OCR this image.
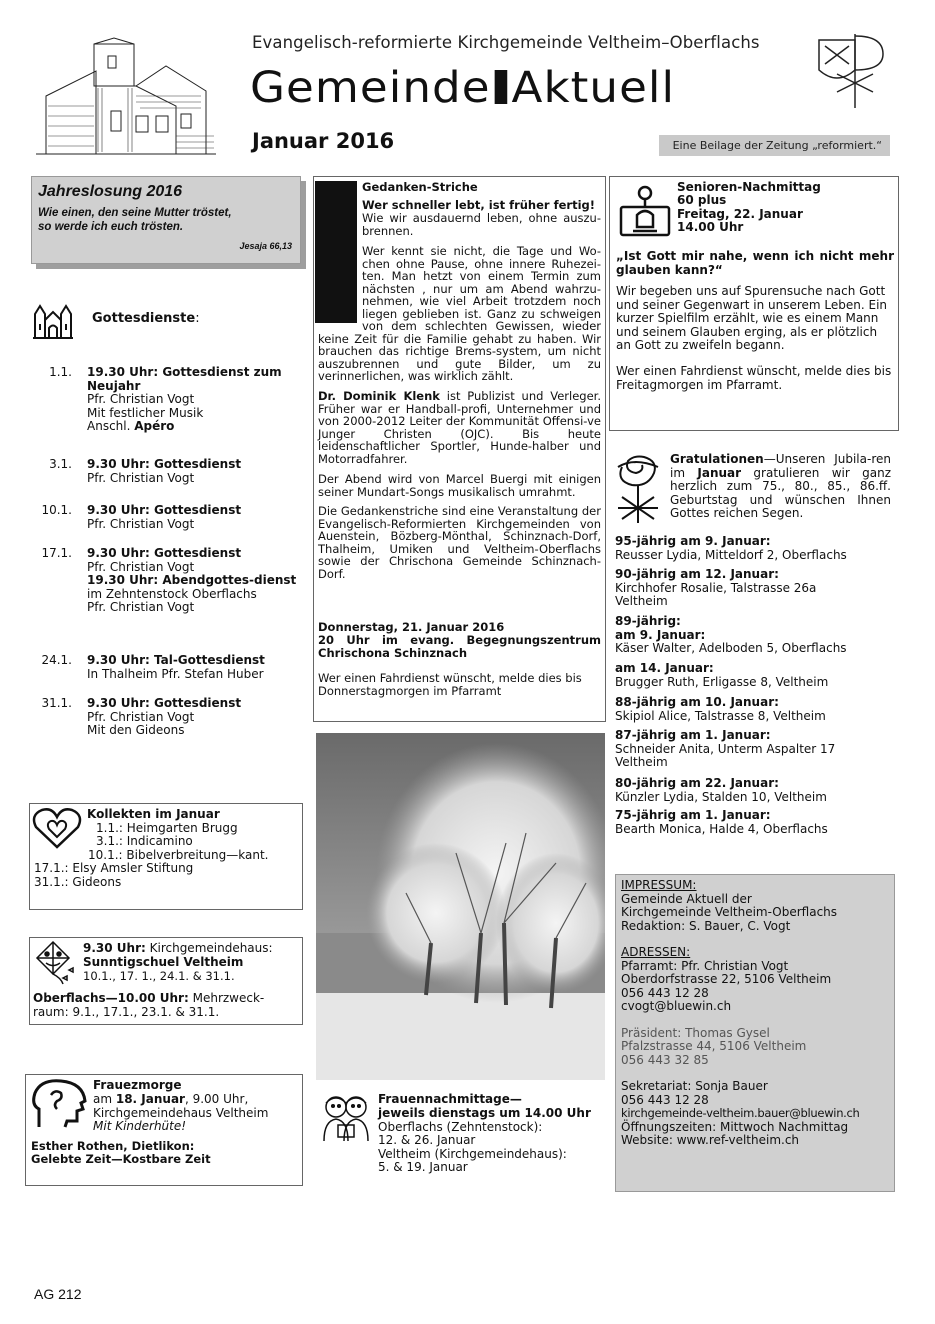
Evangelisch-reformierte Kirchgemeinde Veltheim–Oberflachs
Gemeinde Aktuell
Januar 2016	Eine Beilage der Zeitung „reformiert.“
Jahreslosung 2016
Wie einen, den seine Mutter tröstet,
so werde ich euch trösten.
Jesaja 66,13
Gottesdienste:
1.1. 19.30 Uhr: Gottesdienst zum Neujahr
Pfr. Christian Vogt
Mit festlicher Musik
Anschl. Apéro
3.1. 9.30 Uhr: Gottesdienst
Pfr. Christian Vogt
10.1. 9.30 Uhr: Gottesdienst
Pfr. Christian Vogt
17.1. 9.30 Uhr: Gottesdienst
Pfr. Christian Vogt
19.30 Uhr: Abendgottes-dienst
im Zehntenstock Oberflachs
Pfr. Christian Vogt
24.1. 9.30 Uhr: Tal-Gottesdienst
In Thalheim Pfr. Stefan Huber
31.1. 9.30 Uhr: Gottesdienst
Pfr. Christian Vogt
Mit den Gideons
Kollekten im Januar
1.1.: Heimgarten Brugg
3.1.: Indicamino
10.1.: Bibelverbreitung—kant.
17.1.: Elsy Amsler Stiftung
31.1.: Gideons
9.30 Uhr: Kirchgemeindehaus:
Sunntigschuel Veltheim
10.1., 17. 1., 24.1. & 31.1.
Oberflachs—10.00 Uhr: Mehrzweck-raum: 9.1., 17.1., 23.1. & 31.1.
Frauezmorge
am 18. Januar, 9.00 Uhr,
Kirchgemeindehaus Veltheim
Mit Kinderhüte!
Esther Rothen, Dietlikon:
Gelebte Zeit—Kostbare Zeit
Gedanken-Striche
Wer schneller lebt, ist früher fertig!
Wie wir ausdauernd leben, ohne auszu-brennen.
Wer kennt sie nicht, die Tage und Wo-chen ohne Pause, ohne innere Ruhezei-ten. Man hetzt von einem Termin zum nächsten , nur um am Abend wahrzu-nehmen, wie viel Arbeit trotzdem noch liegen geblieben ist. Ganz zu schweigen von dem schlechten Gewissen, wieder keine Zeit für die Familie gehabt zu haben. Wir brauchen das richtige Brems-system, um nicht auszubrennen und gute Bilder, um zu verinnerlichen, was wirklich zählt.
Dr. Dominik Klenk ist Publizist und Verleger. Früher war er Handball-profi, Unternehmer und von 2000-2012 Leiter der Kommunität Offensi-ve Junger Christen (OJC). Bis heute leidenschaftlicher Sportler, Hunde-halber und Motorradfahrer.
Der Abend wird von Marcel Buergi mit einigen seiner Mundart-Songs musikalisch umrahmt.
Die Gedankenstriche sind eine Veranstaltung der Evangelisch-Reformierten Kirchgemeinden von Auenstein, Bözberg-Mönthal, Schinznach-Dorf, Thalheim, Umiken und Veltheim-Oberflachs sowie der Chrischona Gemeinde Schinznach-Dorf.
Donnerstag, 21. Januar 2016
20 Uhr im evang. Begegnungszentrum Chrischona Schinznach
Wer einen Fahrdienst wünscht, melde dies bis Donnerstagmorgen im Pfarramt
Frauennachmittage—
jeweils dienstags um 14.00 Uhr
Oberflachs (Zehntenstock):
12. & 26. Januar
Veltheim (Kirchgemeindehaus):
5. & 19. Januar
Senioren-Nachmittag
60 plus
Freitag, 22. Januar
14.00 Uhr
„Ist Gott mir nahe, wenn ich nicht mehr glauben kann?“
Wir begeben uns auf Spurensuche nach Gott und seiner Gegenwart in unserem Leben. Ein kurzer Spielfilm erzählt, wie es einem Mann und seinem Glauben erging, als er plötzlich an Gott zu zweifeln begann.
Wer einen Fahrdienst wünscht, melde dies bis Freitagmorgen im Pfarramt.
Gratulationen—Unseren Jubila-ren im Januar gratulieren wir ganz herzlich zum 75., 80., 85., 86.ff. Geburtstag und wünschen Ihnen Gottes reichen Segen.
95-jährig am 9. Januar:
Reusser Lydia, Mitteldorf 2, Oberflachs
90-jährig am 12. Januar:
Kirchhofer Rosalie, Talstrasse 26a
Veltheim
89-jährig:
am 9. Januar:
Käser Walter, Adelboden 5, Oberflachs
am 14. Januar:
Brugger Ruth, Erligasse 8, Veltheim
88-jährig am 10. Januar:
Skipiol Alice, Talstrasse 8, Veltheim
87-jährig am 1. Januar:
Schneider Anita, Unterm Aspalter 17
Veltheim
80-jährig am 22. Januar:
Künzler Lydia, Stalden 10, Veltheim
75-jährig am 1. Januar:
Bearth Monica, Halde 4, Oberflachs
IMPRESSUM:
Gemeinde Aktuell der
Kirchgemeinde Veltheim-Oberflachs
Redaktion: S. Bauer, C. Vogt
ADRESSEN:
Pfarramt: Pfr. Christian Vogt
Oberdorfstrasse 22, 5106 Veltheim
056 443 12 28
cvogt@bluewin.ch
Präsident: Thomas Gysel
Pfalzstrasse 44, 5106 Veltheim
056 443 32 85
Sekretariat: Sonja Bauer
056 443 12 28
kirchgemeinde-veltheim.bauer@bluewin.ch
Öffnungszeiten: Mittwoch Nachmittag
Website: www.ref-veltheim.ch
AG 212
